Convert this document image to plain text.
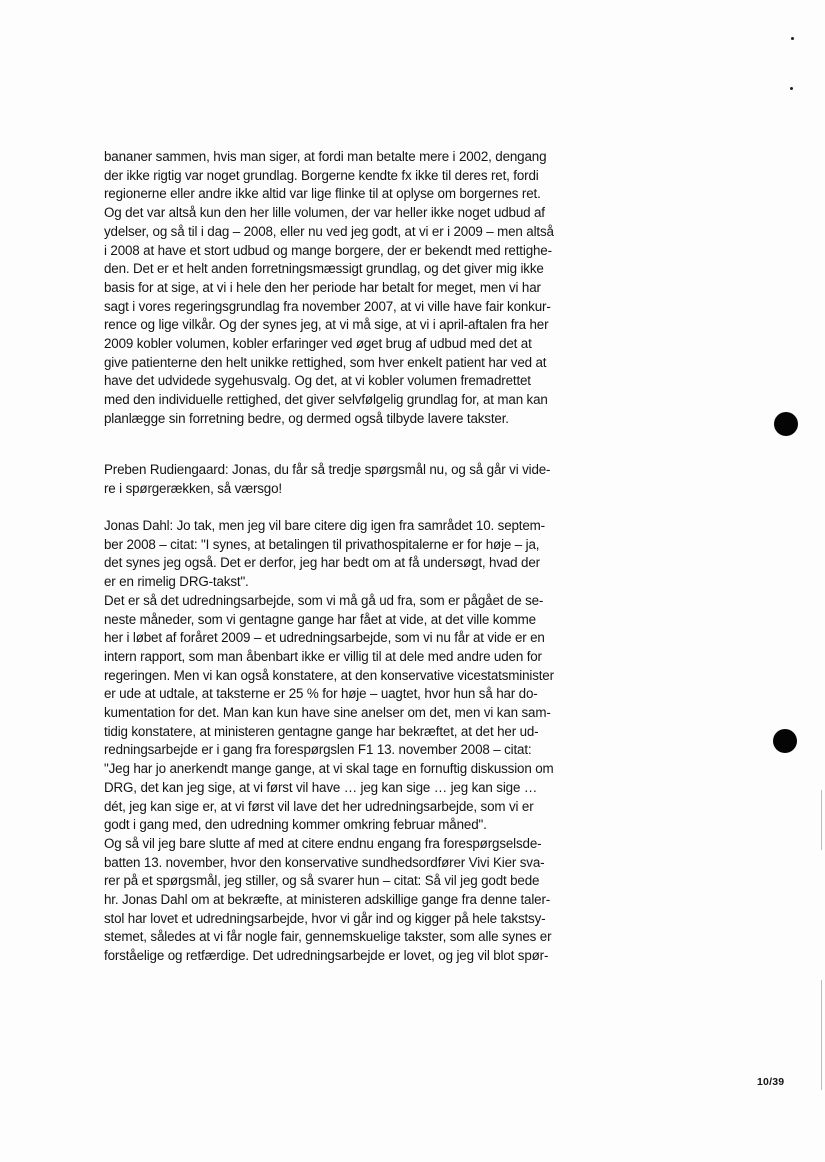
bananer sammen, hvis man siger, at fordi man betalte mere i 2002, dengang
der ikke rigtig var noget grundlag. Borgerne kendte fx ikke til deres ret, fordi
regionerne eller andre ikke altid var lige flinke til at oplyse om borgernes ret.
Og det var altså kun den her lille volumen, der var heller ikke noget udbud af
ydelser, og så til i dag – 2008, eller nu ved jeg godt, at vi er i 2009 – men altså
i 2008 at have et stort udbud og mange borgere, der er bekendt med rettighe-
den. Det er et helt anden forretningsmæssigt grundlag, og det giver mig ikke
basis for at sige, at vi i hele den her periode har betalt for meget, men vi har
sagt i vores regeringsgrundlag fra november 2007, at vi ville have fair konkur-
rence og lige vilkår. Og der synes jeg, at vi må sige, at vi i april-aftalen fra her
2009 kobler volumen, kobler erfaringer ved øget brug af udbud med det at
give patienterne den helt unikke rettighed, som hver enkelt patient har ved at
have det udvidede sygehusvalg. Og det, at vi kobler volumen fremadrettet
med den individuelle rettighed, det giver selvfølgelig grundlag for, at man kan
planlægge sin forretning bedre, og dermed også tilbyde lavere takster.
Preben Rudiengaard: Jonas, du får så tredje spørgsmål nu, og så går vi vide-
re i spørgerækken, så værsgo!
Jonas Dahl: Jo tak, men jeg vil bare citere dig igen fra samrådet 10. septem-
ber 2008 – citat: "I synes, at betalingen til privathospitalerne er for høje – ja,
det synes jeg også. Det er derfor, jeg har bedt om at få undersøgt, hvad der
er en rimelig DRG-takst".
Det er så det udredningsarbejde, som vi må gå ud fra, som er pågået de se-
neste måneder, som vi gentagne gange har fået at vide, at det ville komme
her i løbet af foråret 2009 – et udredningsarbejde, som vi nu får at vide er en
intern rapport, som man åbenbart ikke er villig til at dele med andre uden for
regeringen. Men vi kan også konstatere, at den konservative vicestatsminister
er ude at udtale, at taksterne er 25 % for høje – uagtet, hvor hun så har do-
kumentation for det. Man kan kun have sine anelser om det, men vi kan sam-
tidig konstatere, at ministeren gentagne gange har bekræftet, at det her ud-
redningsarbejde er i gang fra forespørgslen F1 13. november 2008 – citat:
"Jeg har jo anerkendt mange gange, at vi skal tage en fornuftig diskussion om
DRG, det kan jeg sige, at vi først vil have … jeg kan sige … jeg kan sige …
dét, jeg kan sige er, at vi først vil lave det her udredningsarbejde, som vi er
godt i gang med, den udredning kommer omkring februar måned".
Og så vil jeg bare slutte af med at citere endnu engang fra forespørgselsde-
batten 13. november, hvor den konservative sundhedsordfører Vivi Kier sva-
rer på et spørgsmål, jeg stiller, og så svarer hun – citat: Så vil jeg godt bede
hr. Jonas Dahl om at bekræfte, at ministeren adskillige gange fra denne taler-
stol har lovet et udredningsarbejde, hvor vi går ind og kigger på hele takstsy-
stemet, således at vi får nogle fair, gennemskuelige takster, som alle synes er
forståelige og retfærdige. Det udredningsarbejde er lovet, og jeg vil blot spør-
10/39
